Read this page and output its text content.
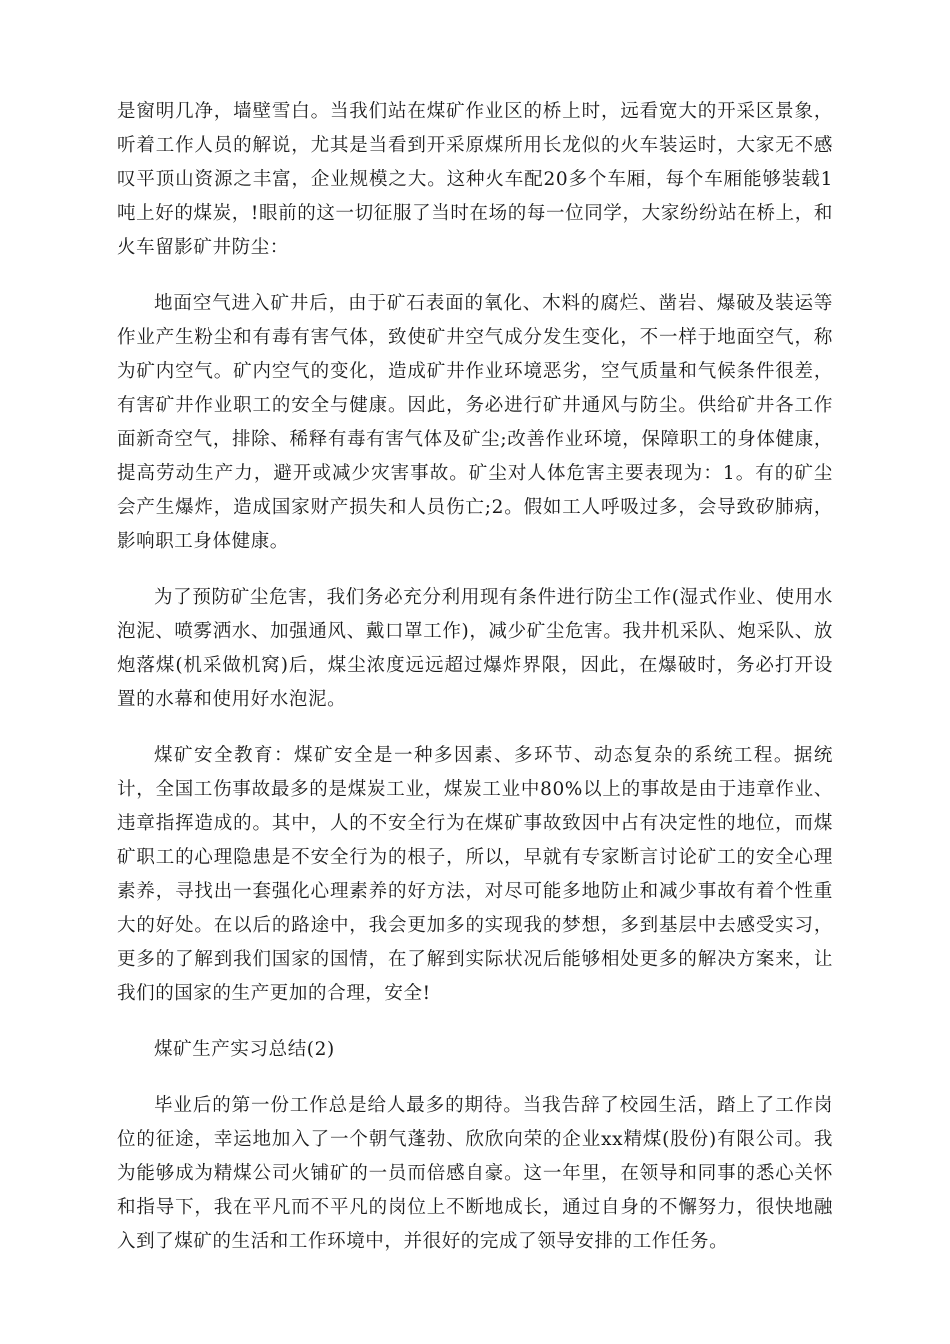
是窗明几净，墙壁雪白。当我们站在煤矿作业区的桥上时，远看宽大的开采区景象，听着工作人员的解说，尤其是当看到开采原煤所用长龙似的火车装运时，大家无不感叹平顶山资源之丰富，企业规模之大。这种火车配20多个车厢，每个车厢能够装载1吨上好的煤炭，!眼前的这一切征服了当时在场的每一位同学，大家纷纷站在桥上，和火车留影矿井防尘：

地面空气进入矿井后，由于矿石表面的氧化、木料的腐烂、凿岩、爆破及装运等作业产生粉尘和有毒有害气体，致使矿井空气成分发生变化，不一样于地面空气，称为矿内空气。矿内空气的变化，造成矿井作业环境恶劣，空气质量和气候条件很差，有害矿井作业职工的安全与健康。因此，务必进行矿井通风与防尘。供给矿井各工作面新奇空气，排除、稀释有毒有害气体及矿尘;改善作业环境，保障职工的身体健康，提高劳动生产力，避开或减少灾害事故。矿尘对人体危害主要表现为：1。有的矿尘会产生爆炸，造成国家财产损失和人员伤亡;2。假如工人呼吸过多，会导致矽肺病，影响职工身体健康。

为了预防矿尘危害，我们务必充分利用现有条件进行防尘工作(湿式作业、使用水泡泥、喷雾洒水、加强通风、戴口罩工作)，减少矿尘危害。我井机采队、炮采队、放炮落煤(机采做机窝)后，煤尘浓度远远超过爆炸界限，因此，在爆破时，务必打开设置的水幕和使用好水泡泥。

煤矿安全教育：煤矿安全是一种多因素、多环节、动态复杂的系统工程。据统计，全国工伤事故最多的是煤炭工业，煤炭工业中80%以上的事故是由于违章作业、违章指挥造成的。其中，人的不安全行为在煤矿事故致因中占有决定性的地位，而煤矿职工的心理隐患是不安全行为的根子，所以，早就有专家断言讨论矿工的安全心理素养，寻找出一套强化心理素养的好方法，对尽可能多地防止和减少事故有着个性重大的好处。在以后的路途中，我会更加多的实现我的梦想，多到基层中去感受实习，更多的了解到我们国家的国情，在了解到实际状况后能够相处更多的解决方案来，让我们的国家的生产更加的合理，安全!

煤矿生产实习总结(2)

毕业后的第一份工作总是给人最多的期待。当我告辞了校园生活，踏上了工作岗位的征途，幸运地加入了一个朝气蓬勃、欣欣向荣的企业xx精煤(股份)有限公司。我为能够成为精煤公司火铺矿的一员而倍感自豪。这一年里，在领导和同事的悉心关怀和指导下，我在平凡而不平凡的岗位上不断地成长，通过自身的不懈努力，很快地融入到了煤矿的生活和工作环境中，并很好的完成了领导安排的工作任务。
